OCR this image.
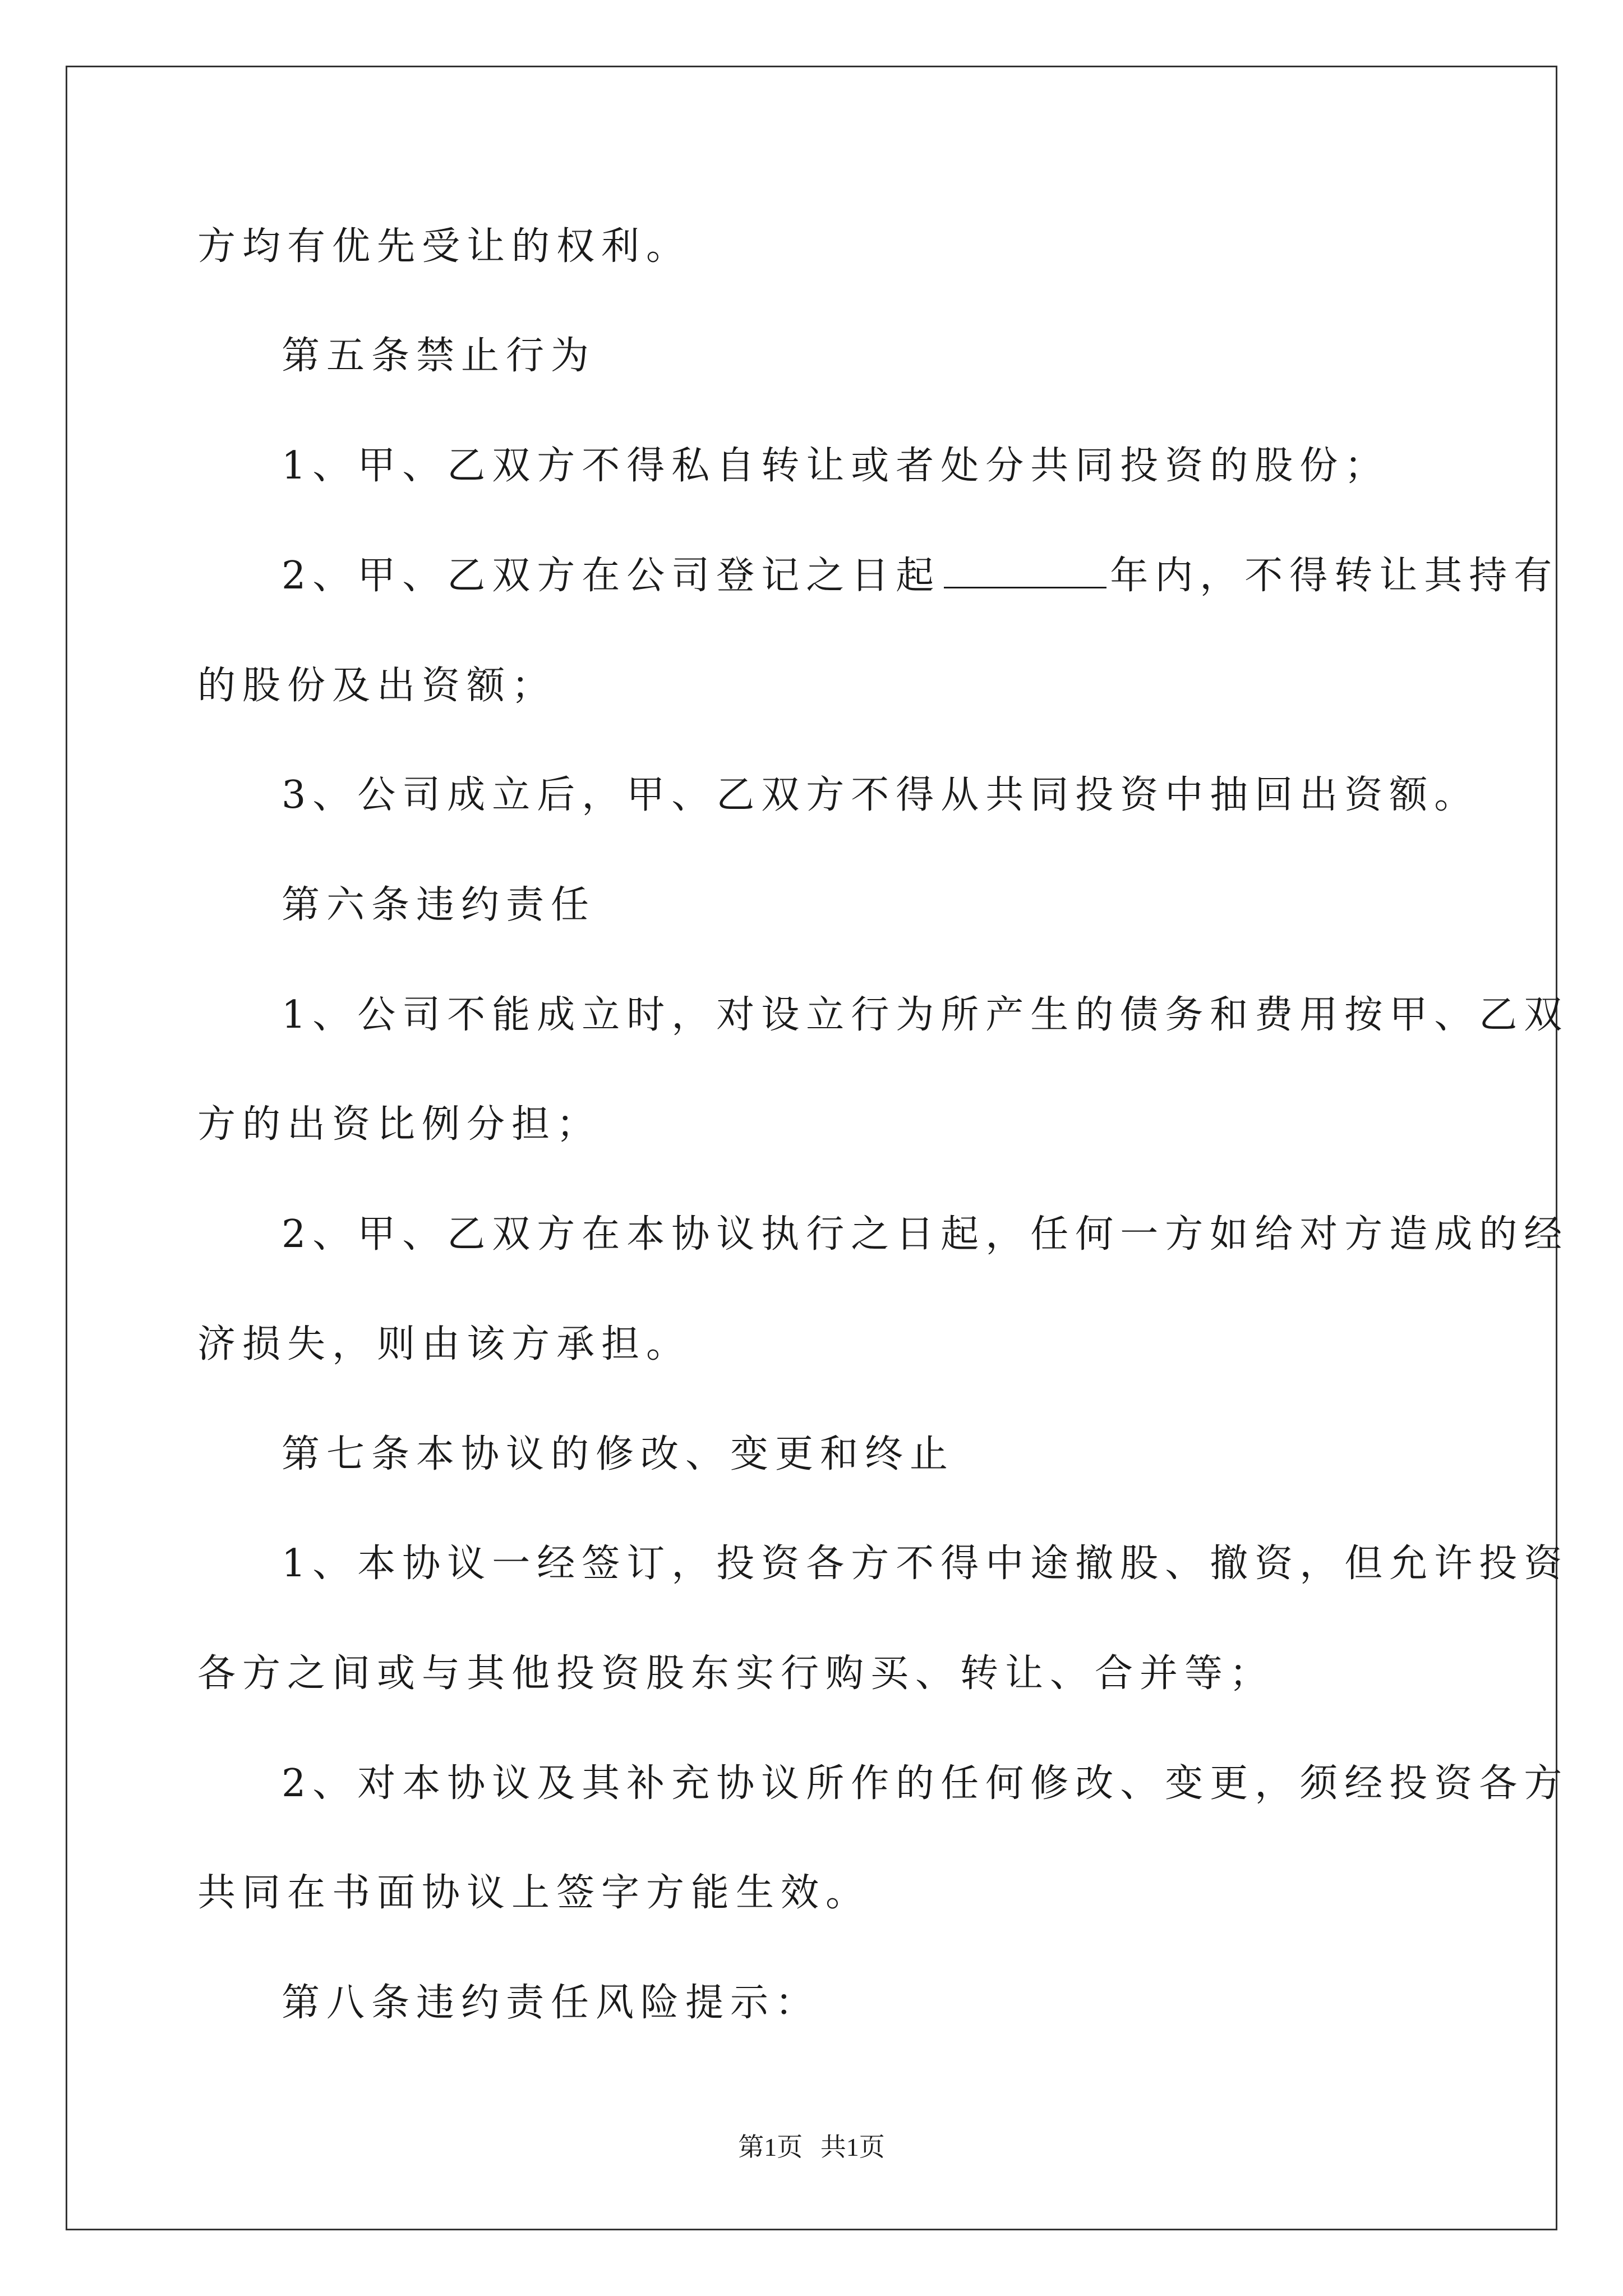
方均有优先受让的权利。
第五条禁止行为
1、甲、乙双方不得私自转让或者处分共同投资的股份；
2、甲、乙双方在公司登记之日起	年内，不得转让其持有
的股份及出资额；
3、公司成立后，甲、乙双方不得从共同投资中抽回出资额。
第六条违约责任
1、公司不能成立时，对设立行为所产生的债务和费用按甲、乙双
方的出资比例分担；
2、甲、乙双方在本协议执行之日起，任何一方如给对方造成的经
济损失，则由该方承担。
第七条本协议的修改、变更和终止
1、本协议一经签订，投资各方不得中途撤股、撤资，但允许投资
各方之间或与其他投资股东实行购买、转让、合并等；
2、对本协议及其补充协议所作的任何修改、变更，须经投资各方
共同在书面协议上签字方能生效。
第八条违约责任风险提示：
第1页 共1页
